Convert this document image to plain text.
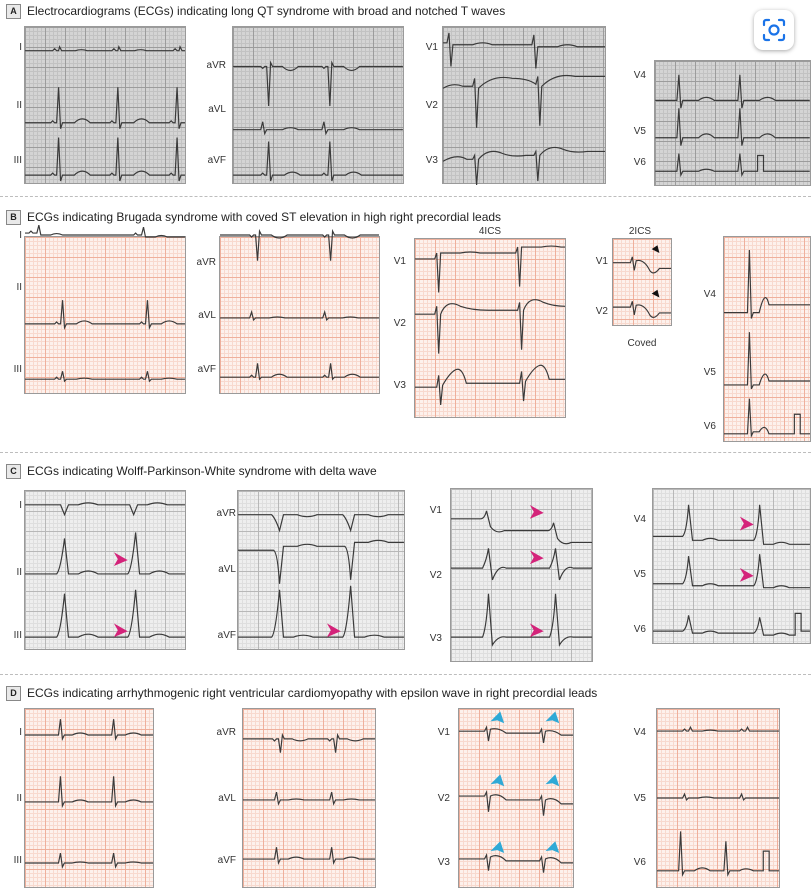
A Electrocardiograms (ECGs) indicating long QT syndrome with broad and notched T waves
I
II
III
aVR
aVL
aVF
V1
V2
V3
V4
V5
V6
B ECGs indicating Brugada syndrome with coved ST elevation in high right precordial leads
I
II
III
aVR
aVL
aVF
4ICS
V1
V2
V3
2ICS
V1
V2
Coved
V4
V5
V6
C ECGs indicating Wolff-Parkinson-White syndrome with delta wave
I
II
III
aVR
aVL
aVF
V1
V2
V3
V4
V5
V6
D ECGs indicating arrhythmogenic right ventricular cardiomyopathy with epsilon wave in right precordial leads
I
II
III
aVR
aVL
aVF
V1
V2
V3
V4
V5
V6
